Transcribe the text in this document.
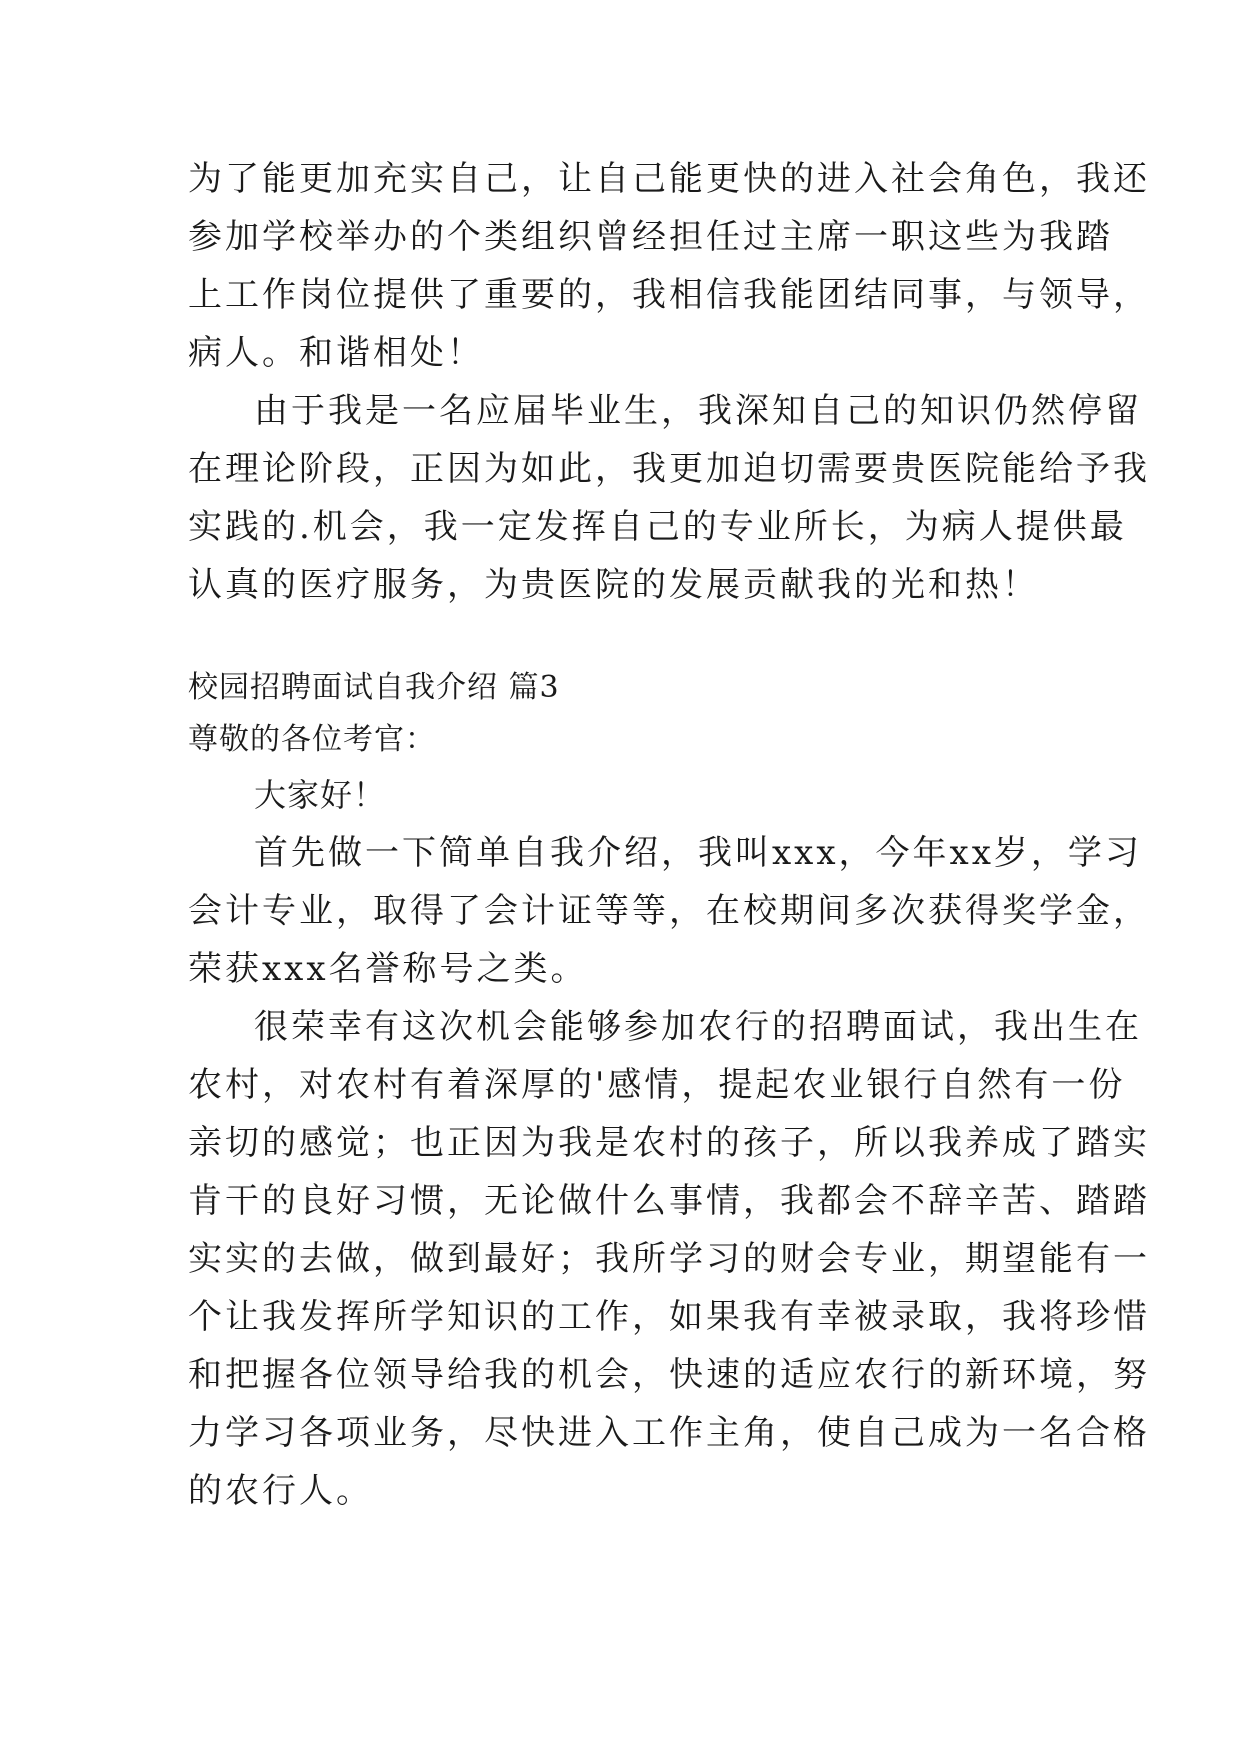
为了能更加充实自己，让自己能更快的进入社会角色，我还
参加学校举办的个类组织曾经担任过主席一职这些为我踏
上工作岗位提供了重要的，我相信我能团结同事，与领导，
病人。和谐相处！
由于我是一名应届毕业生，我深知自己的知识仍然停留
在理论阶段，正因为如此，我更加迫切需要贵医院能给予我
实践的.机会，我一定发挥自己的专业所长，为病人提供最
认真的医疗服务，为贵医院的发展贡献我的光和热！
校园招聘面试自我介绍 篇3
尊敬的各位考官：
大家好！
首先做一下简单自我介绍，我叫xxx，今年xx岁，学习
会计专业，取得了会计证等等，在校期间多次获得奖学金，
荣获xxx名誉称号之类。
很荣幸有这次机会能够参加农行的招聘面试，我出生在
农村，对农村有着深厚的'感情，提起农业银行自然有一份
亲切的感觉；也正因为我是农村的孩子，所以我养成了踏实
肯干的良好习惯，无论做什么事情，我都会不辞辛苦、踏踏
实实的去做，做到最好；我所学习的财会专业，期望能有一
个让我发挥所学知识的工作，如果我有幸被录取，我将珍惜
和把握各位领导给我的机会，快速的适应农行的新环境，努
力学习各项业务，尽快进入工作主角，使自己成为一名合格
的农行人。
